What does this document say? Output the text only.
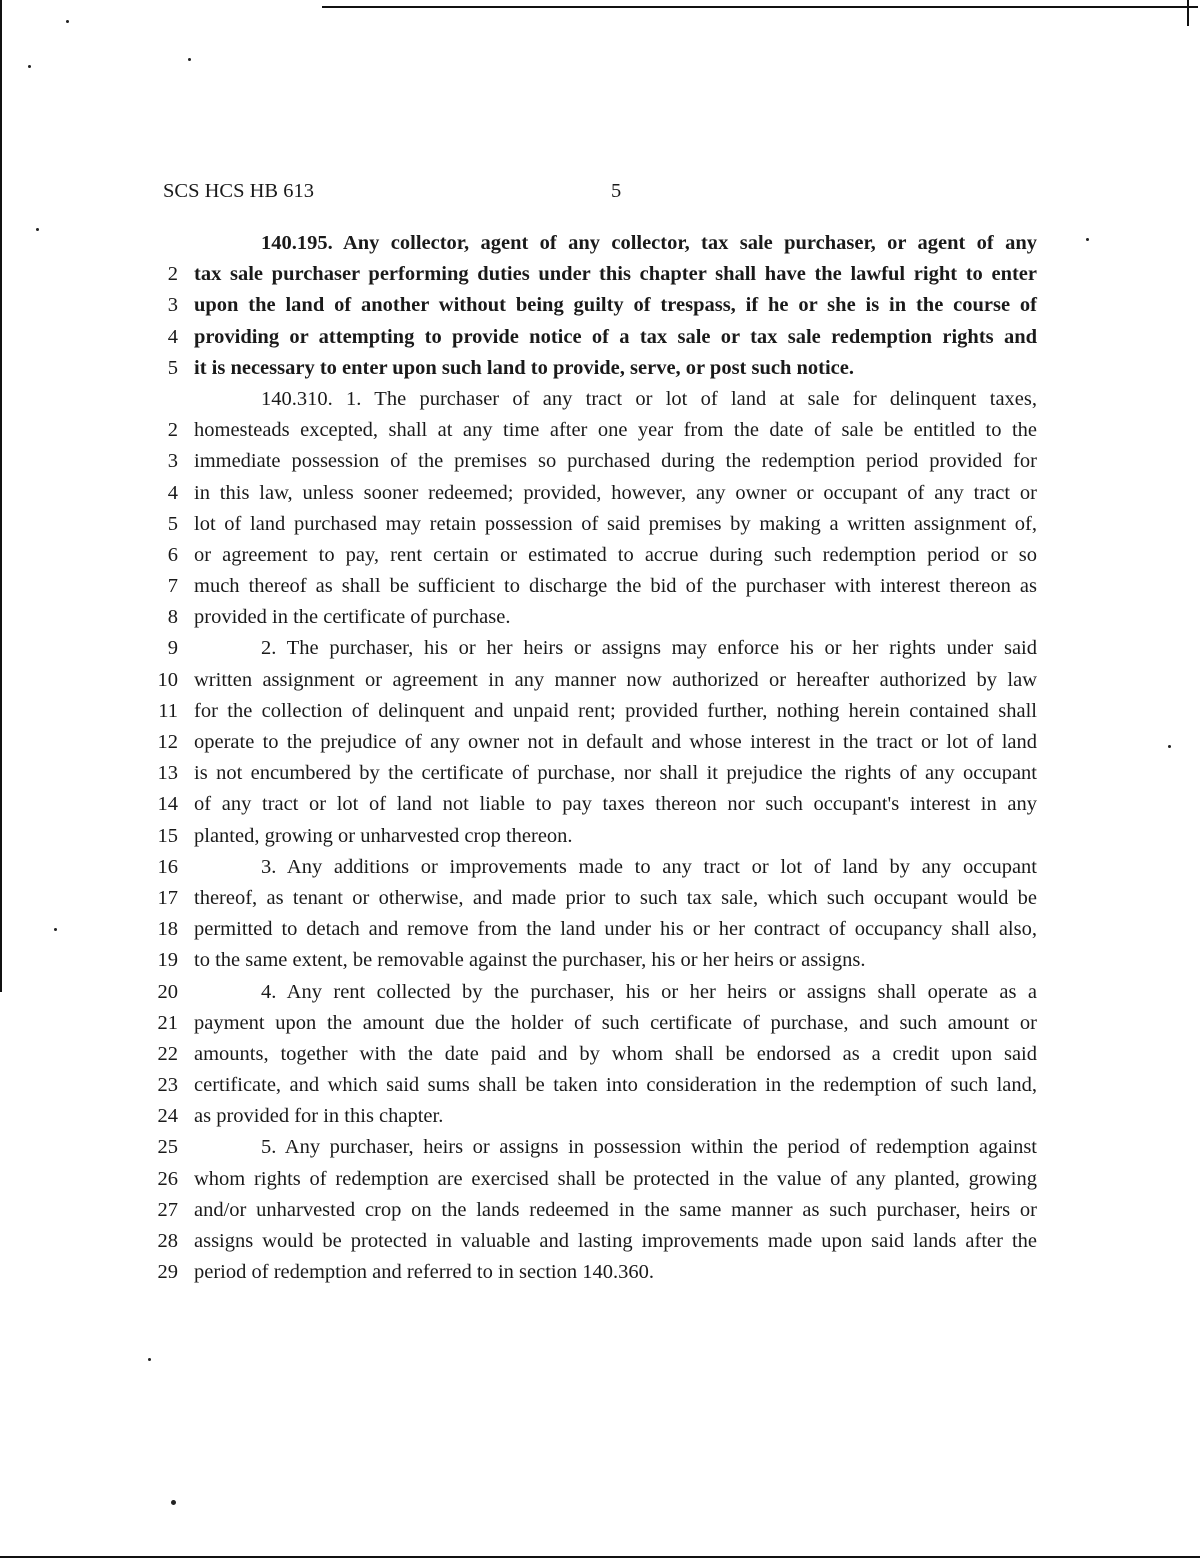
SCS HCS HB 613	5
140.195. Any collector, agent of any collector, tax sale purchaser, or agent of any
2 tax sale purchaser performing duties under this chapter shall have the lawful right to enter
3 upon the land of another without being guilty of trespass, if he or she is in the course of
4 providing or attempting to provide notice of a tax sale or tax sale redemption rights and
5 it is necessary to enter upon such land to provide, serve, or post such notice.
140.310. 1. The purchaser of any tract or lot of land at sale for delinquent taxes,
2 homesteads excepted, shall at any time after one year from the date of sale be entitled to the
3 immediate possession of the premises so purchased during the redemption period provided for
4 in this law, unless sooner redeemed; provided, however, any owner or occupant of any tract or
5 lot of land purchased may retain possession of said premises by making a written assignment of,
6 or agreement to pay, rent certain or estimated to accrue during such redemption period or so
7 much thereof as shall be sufficient to discharge the bid of the purchaser with interest thereon as
8 provided in the certificate of purchase.
9	2. The purchaser, his or her heirs or assigns may enforce his or her rights under said
10 written assignment or agreement in any manner now authorized or hereafter authorized by law
11 for the collection of delinquent and unpaid rent; provided further, nothing herein contained shall
12 operate to the prejudice of any owner not in default and whose interest in the tract or lot of land
13 is not encumbered by the certificate of purchase, nor shall it prejudice the rights of any occupant
14 of any tract or lot of land not liable to pay taxes thereon nor such occupant's interest in any
15 planted, growing or unharvested crop thereon.
16	3. Any additions or improvements made to any tract or lot of land by any occupant
17 thereof, as tenant or otherwise, and made prior to such tax sale, which such occupant would be
18 permitted to detach and remove from the land under his or her contract of occupancy shall also,
19 to the same extent, be removable against the purchaser, his or her heirs or assigns.
20	4. Any rent collected by the purchaser, his or her heirs or assigns shall operate as a
21 payment upon the amount due the holder of such certificate of purchase, and such amount or
22 amounts, together with the date paid and by whom shall be endorsed as a credit upon said
23 certificate, and which said sums shall be taken into consideration in the redemption of such land,
24 as provided for in this chapter.
25	5. Any purchaser, heirs or assigns in possession within the period of redemption against
26 whom rights of redemption are exercised shall be protected in the value of any planted, growing
27 and/or unharvested crop on the lands redeemed in the same manner as such purchaser, heirs or
28 assigns would be protected in valuable and lasting improvements made upon said lands after the
29 period of redemption and referred to in section 140.360.
